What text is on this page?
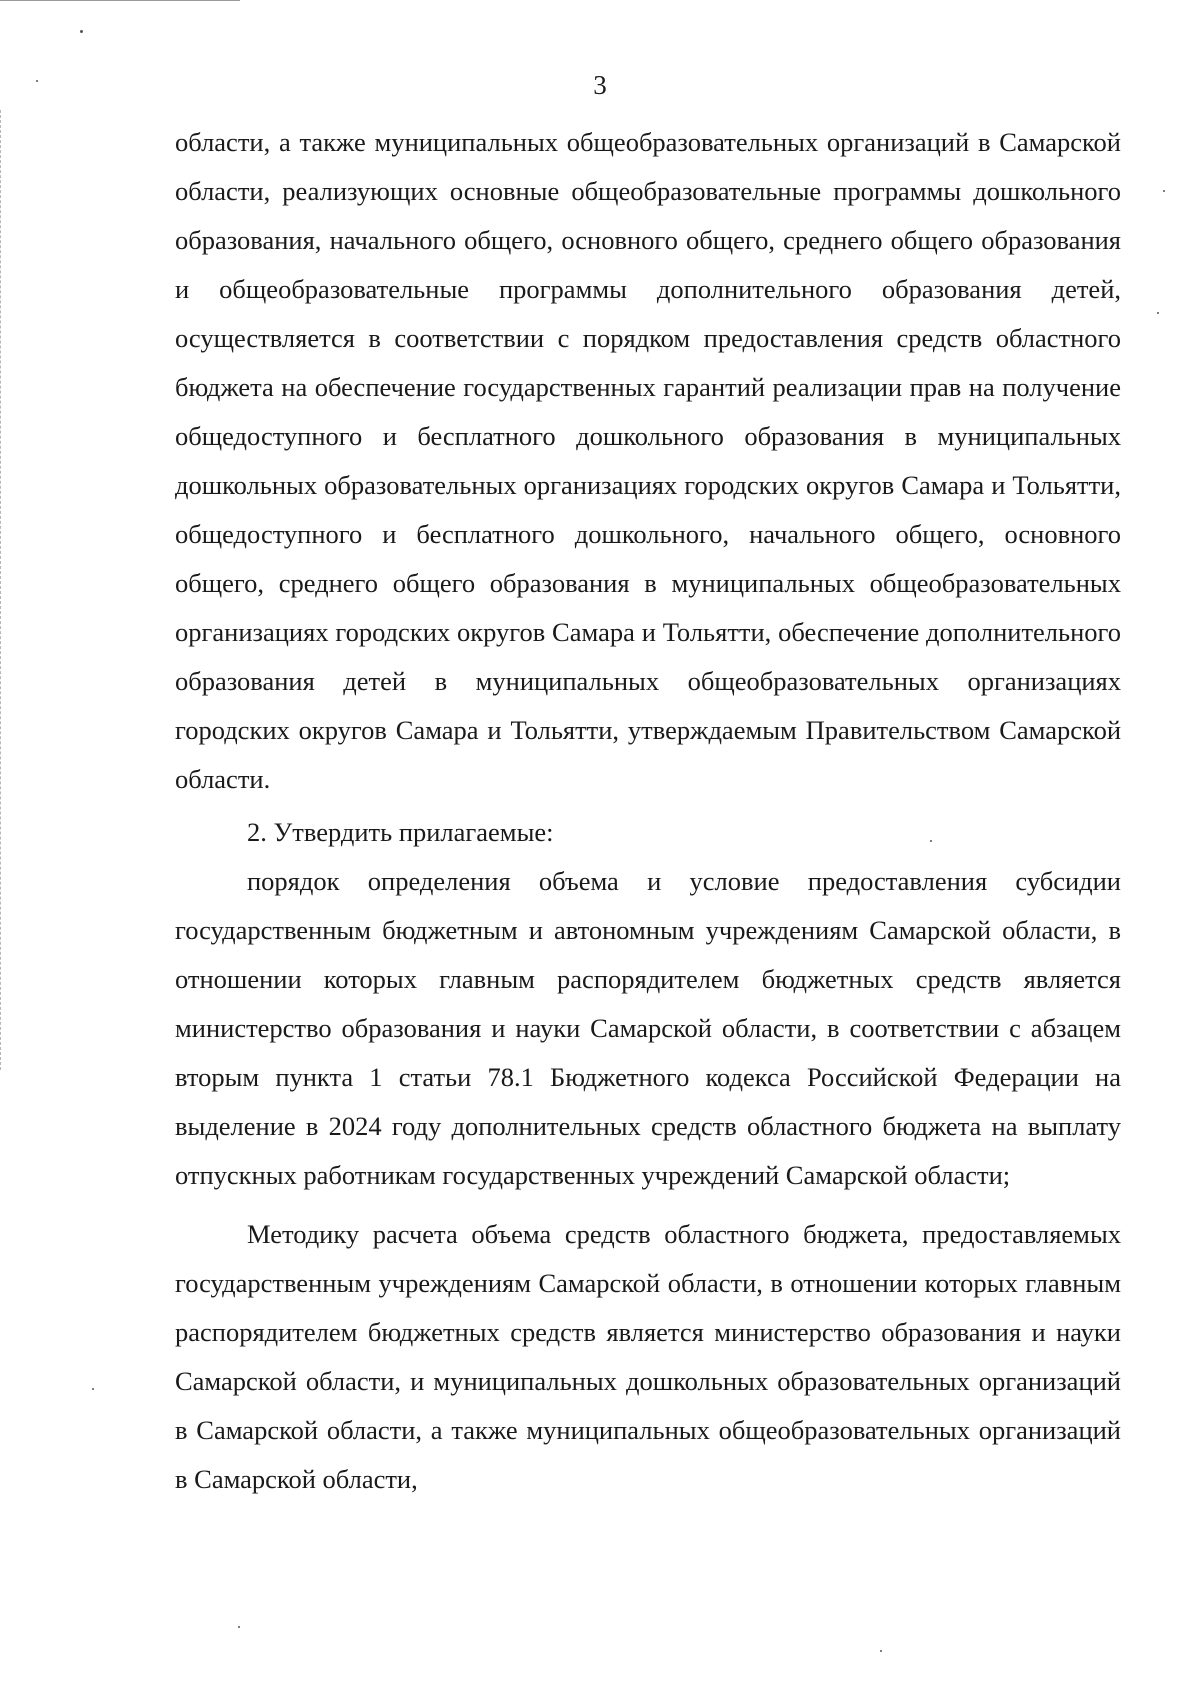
3

области, а также муниципальных общеобразовательных организаций в Самарской области, реализующих основные общеобразовательные программы дошкольного образования, начального общего, основного общего, среднего общего образования и общеобразовательные программы дополнительного образования детей, осуществляется в соответствии с порядком предоставления средств областного бюджета на обеспечение государственных гарантий реализации прав на получение общедоступного и бесплатного дошкольного образования в муниципальных дошкольных образовательных организациях городских округов Самара и Тольятти, общедоступного и бесплатного дошкольного, начального общего, основного общего, среднего общего образования в муниципальных общеобразовательных организациях городских округов Самара и Тольятти, обеспечение дополнительного образования детей в муниципальных общеобразовательных организациях городских округов Самара и Тольятти, утверждаемым Правительством Самарской области.

2. Утвердить прилагаемые:

порядок определения объема и условие предоставления субсидии государственным бюджетным и автономным учреждениям Самарской области, в отношении которых главным распорядителем бюджетных средств является министерство образования и науки Самарской области, в соответствии с абзацем вторым пункта 1 статьи 78.1 Бюджетного кодекса Российской Федерации на выделение в 2024 году дополнительных средств областного бюджета на выплату отпускных работникам государственных учреждений Самарской области;

Методику расчета объема средств областного бюджета, предоставляемых государственным учреждениям Самарской области, в отношении которых главным распорядителем бюджетных средств является министерство образования и науки Самарской области, и муниципальных дошкольных образовательных организаций в Самарской области, а также муниципальных общеобразовательных организаций в Самарской области,
